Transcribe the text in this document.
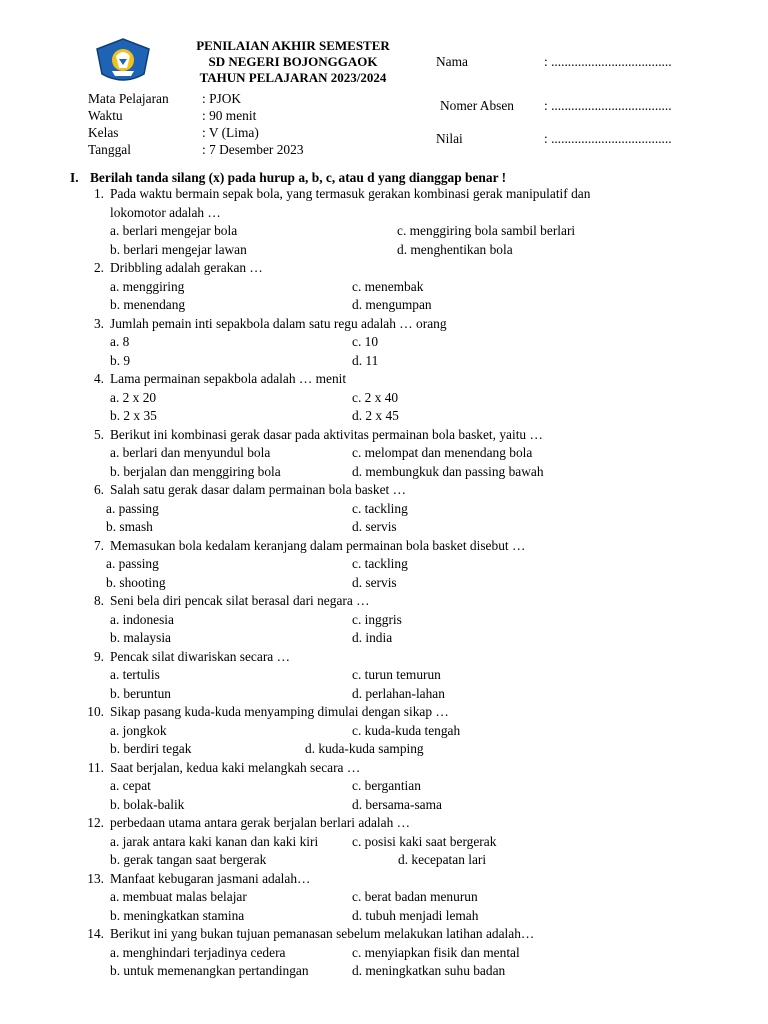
PENILAIAN AKHIR SEMESTER
SD NEGERI BOJONGGAOK
TAHUN PELAJARAN 2023/2024
Nama	: ....................................
Nomer Absen : ....................................
Nilai	: ....................................
Mata Pelajaran : PJOK
Waktu	: 90 menit
Kelas	: V (Lima)
Tanggal	: 7 Desember 2023
I. Berilah tanda silang (x) pada hurup a, b, c, atau d yang dianggap benar !
1. Pada waktu bermain sepak bola, yang termasuk gerakan kombinasi gerak manipulatif dan
lokomotor adalah …
a. berlari mengejar bola
b. berlari mengejar lawan
c. menggiring bola sambil berlari
d. menghentikan bola
2. Dribbling adalah gerakan …
a. menggiring
b. menendang
c. menembak
d. mengumpan
3. Jumlah pemain inti sepakbola dalam satu regu adalah … orang
a. 8
b. 9
c. 10
d. 11
4. Lama permainan sepakbola adalah … menit
a. 2 x 20
b. 2 x 35
c. 2 x 40
d. 2 x 45
5. Berikut ini kombinasi gerak dasar pada aktivitas permainan bola basket, yaitu …
a. berlari dan menyundul bola
b. berjalan dan menggiring bola
c. melompat dan menendang bola
d. membungkuk dan passing bawah
6. Salah satu gerak dasar dalam permainan bola basket …
a. passing
b. smash
c. tackling
d. servis
7. Memasukan bola kedalam keranjang dalam permainan bola basket disebut …
a. passing
b. shooting
c. tackling
d. servis
8. Seni bela diri pencak silat berasal dari negara …
a. indonesia
b. malaysia
c. inggris
d. india
9. Pencak silat diwariskan secara …
a. tertulis
b. beruntun
c. turun temurun
d. perlahan-lahan
10. Sikap pasang kuda-kuda menyamping dimulai dengan sikap …
a. jongkok
b. berdiri tegak
c. kuda-kuda tengah
d. kuda-kuda samping
11. Saat berjalan, kedua kaki melangkah secara …
a. cepat
b. bolak-balik
c. bergantian
d. bersama-sama
12. perbedaan utama antara gerak berjalan berlari adalah …
a. jarak antara kaki kanan dan kaki kiri
b. gerak tangan saat bergerak
c. posisi kaki saat bergerak
d. kecepatan lari
13. Manfaat kebugaran jasmani adalah…
a. membuat malas belajar
b. meningkatkan stamina
c. berat badan menurun
d. tubuh menjadi lemah
14. Berikut ini yang bukan tujuan pemanasan sebelum melakukan latihan adalah…
a. menghindari terjadinya cedera
b. untuk memenangkan pertandingan
c. menyiapkan fisik dan mental
d. meningkatkan suhu badan
